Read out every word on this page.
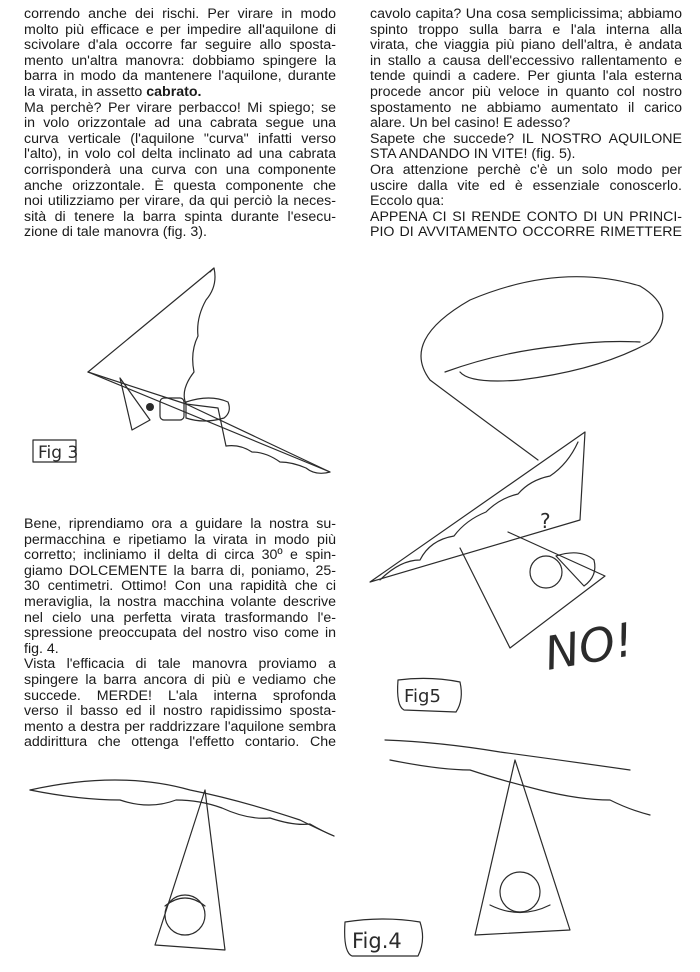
correndo anche dei rischi. Per virare in modo
molto più efficace e per impedire all'aquilone di
scivolare d'ala occorre far seguire allo sposta-
mento un'altra manovra: dobbiamo spingere la
barra in modo da mantenere l'aquilone, durante
la virata, in assetto cabrato.
Ma perchè? Per virare perbacco! Mi spiego; se
in volo orizzontale ad una cabrata segue una
curva verticale (l'aquilone "curva" infatti verso
l'alto), in volo col delta inclinato ad una cabrata
corrisponderà una curva con una componente
anche orizzontale. È questa componente che
noi utilizziamo per virare, da qui perciò la neces-
sità di tenere la barra spinta durante l'esecu-
zione di tale manovra (fig. 3).
cavolo capita? Una cosa semplicissima; abbiamo
spinto troppo sulla barra e l'ala interna alla
virata, che viaggia più piano dell'altra, è andata
in stallo a causa dell'eccessivo rallentamento e
tende quindi a cadere. Per giunta l'ala esterna
procede ancor più veloce in quanto col nostro
spostamento ne abbiamo aumentato il carico
alare. Un bel casino! E adesso?
Sapete che succede? IL NOSTRO AQUILONE
STA ANDANDO IN VITE! (fig. 5).
Ora attenzione perchè c'è un solo modo per
uscire dalla vite ed è essenziale conoscerlo.
Eccolo qua:
APPENA CI SI RENDE CONTO DI UN PRINCI-
PIO DI AVVITAMENTO OCCORRE RIMETTERE
Bene, riprendiamo ora a guidare la nostra su-
permacchina e ripetiamo la virata in modo più
corretto; incliniamo il delta di circa 30º e spin-
giamo DOLCEMENTE la barra di, poniamo, 25-
30 centimetri. Ottimo! Con una rapidità che ci
meraviglia, la nostra macchina volante descrive
nel cielo una perfetta virata trasformando l'e-
spressione preoccupata del nostro viso come in
fig. 4.
Vista l'efficacia di tale manovra proviamo a
spingere la barra ancora di più e vediamo che
succede. MERDE! L'ala interna sprofonda
verso il basso ed il nostro rapidissimo sposta-
mento a destra per raddrizzare l'aquilone sembra
addirittura che ottenga l'effetto contario. Che
Fig 3
?
NO!
Fig5
Fig.4
